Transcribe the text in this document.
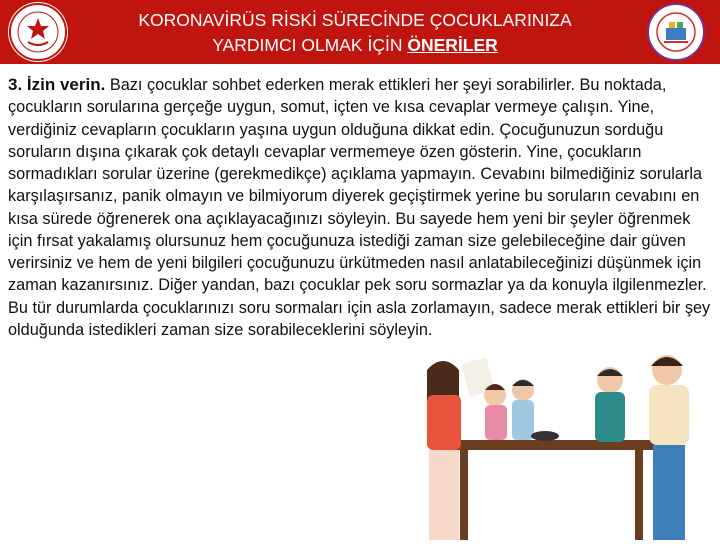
KORONAVİRÜS RİSKİ SÜRECİNDE ÇOCUKLARINIZA
YARDIMCI OLMAK İÇİN ÖNERİLER
3. İzin verin. Bazı çocuklar sohbet ederken merak ettikleri her şeyi sorabilirler. Bu noktada, çocukların sorularına gerçeğe uygun, somut, içten ve kısa cevaplar vermeye çalışın. Yine, verdiğiniz cevapların çocukların yaşına uygun olduğuna dikkat edin. Çocuğunuzun sorduğu soruların dışına çıkarak çok detaylı cevaplar vermemeye özen gösterin. Yine, çocukların sormadıkları sorular üzerine (gerekmedikçe) açıklama yapmayın. Cevabını bilmediğiniz sorularla karşılaşırsanız, panik olmayın ve bilmiyorum diyerek geçiştirmek yerine bu soruların cevabını en kısa sürede öğrenerek ona açıklayacağınızı söyleyin. Bu sayede hem yeni bir şeyler öğrenmek için fırsat yakalamış olursunuz hem çocuğunuza istediği zaman size gelebileceğine dair güven verirsiniz ve hem de yeni bilgileri çocuğunuzu ürkütmeden nasıl anlatabileceğinizi düşünmek için zaman kazanırsınız. Diğer yandan, bazı çocuklar pek soru sormazlar ya da konuyla ilgilenmezler. Bu tür durumlarda çocuklarınızı soru sormaları için asla zorlamayın, sadece merak ettikleri bir şey olduğunda istedikleri zaman size sorabileceklerini söyleyin.
